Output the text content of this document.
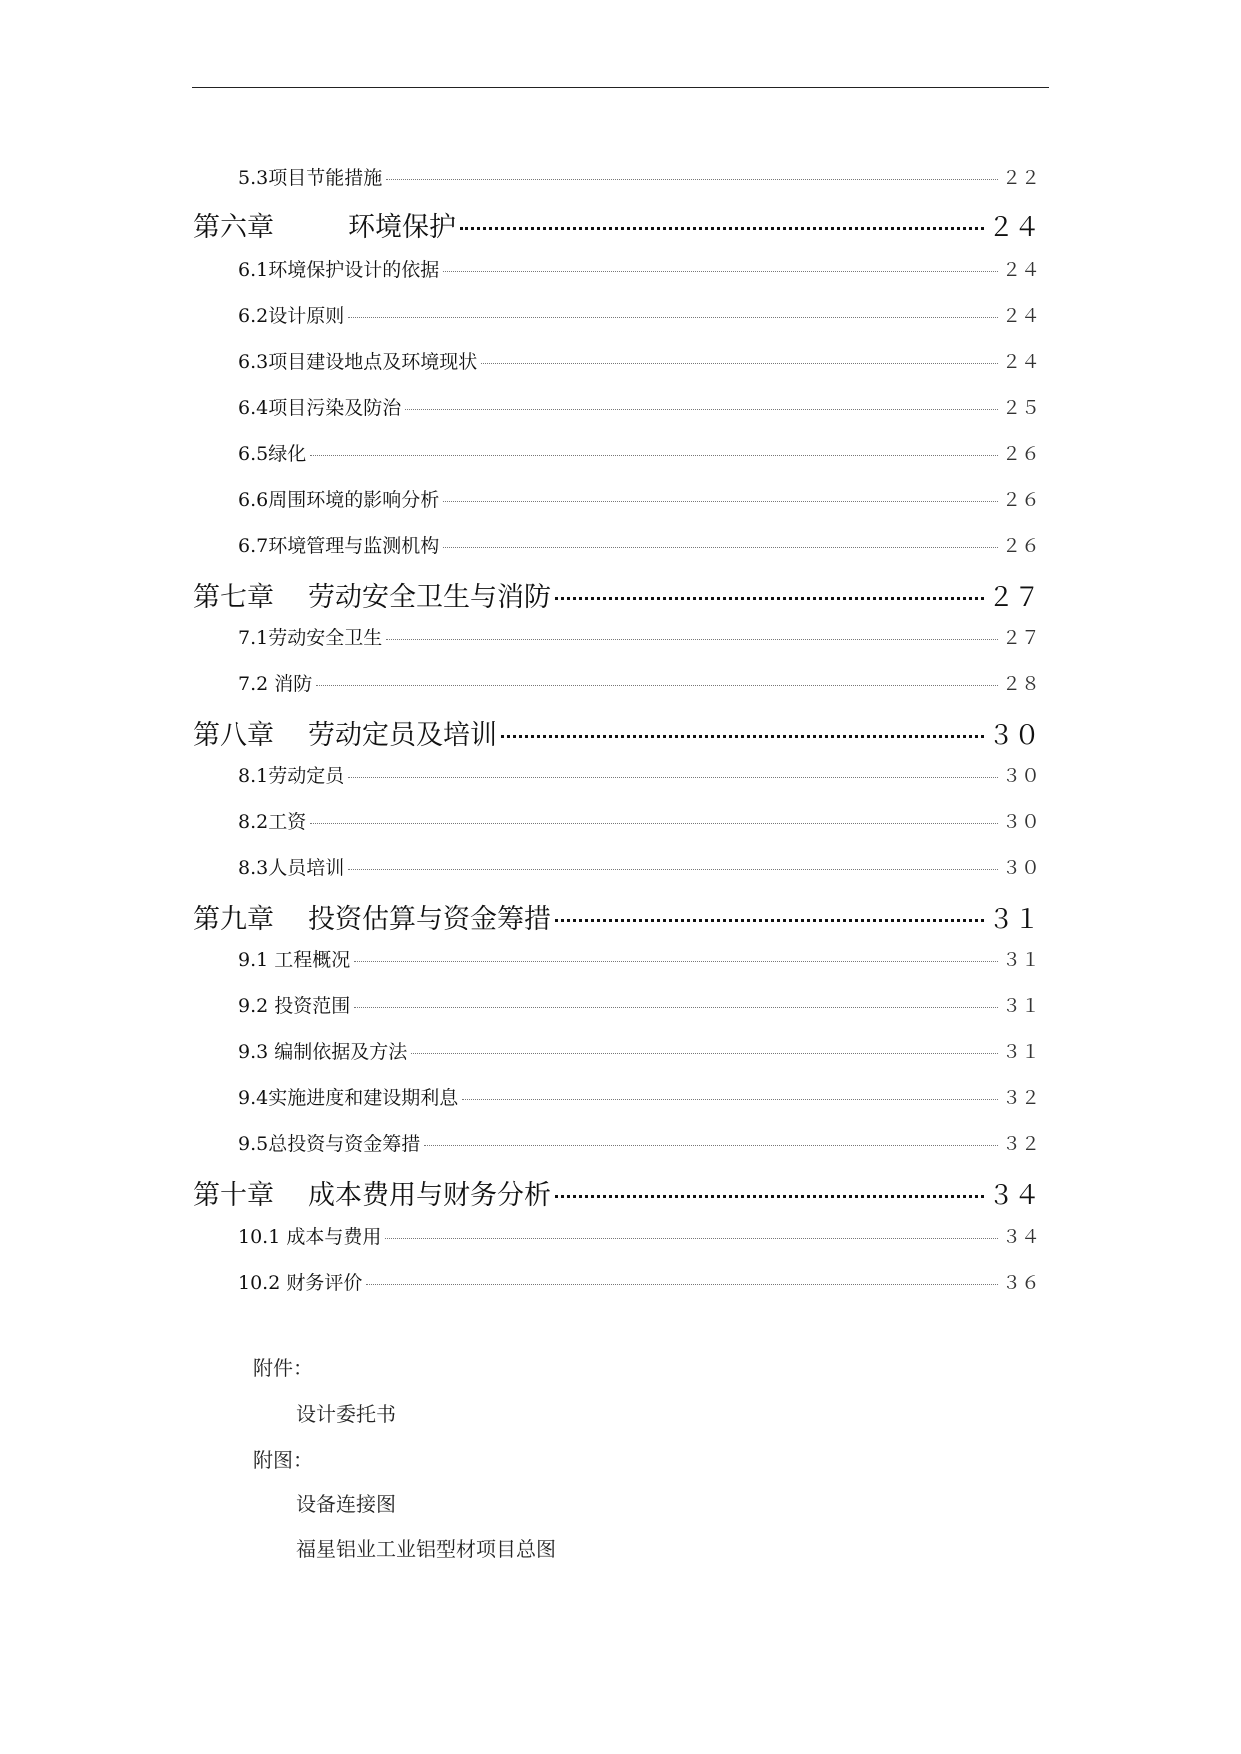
5.3 项目节能措施	２２
第六章	环境保护	２４
6.1 环境保护设计的依据	２４
6.2 设计原则	２４
6.3 项目建设地点及环境现状	２４
6.4 项目污染及防治	２５
6.5 绿化	２６
6.6 周围环境的影响分析	２６
6.7 环境管理与监测机构	２６
第七章 劳动安全卫生与消防	２７
7.1 劳动安全卫生	２７
7.2 消防	２８
第八章 劳动定员及培训	３０
8.1 劳动定员	３０
8.2 工资	３０
8.3 人员培训	３０
第九章 投资估算与资金筹措	３１
9.1 工程概况	３１
9.2 投资范围	３１
9.3 编制依据及方法	３１
9.4 实施进度和建设期利息	３２
9.5 总投资与资金筹措	３２
第十章 成本费用与财务分析	３４
10.1 成本与费用	３４
10.2 财务评价	３６
附件：
设计委托书
附图：
设备连接图
福星铝业工业铝型材项目总图
